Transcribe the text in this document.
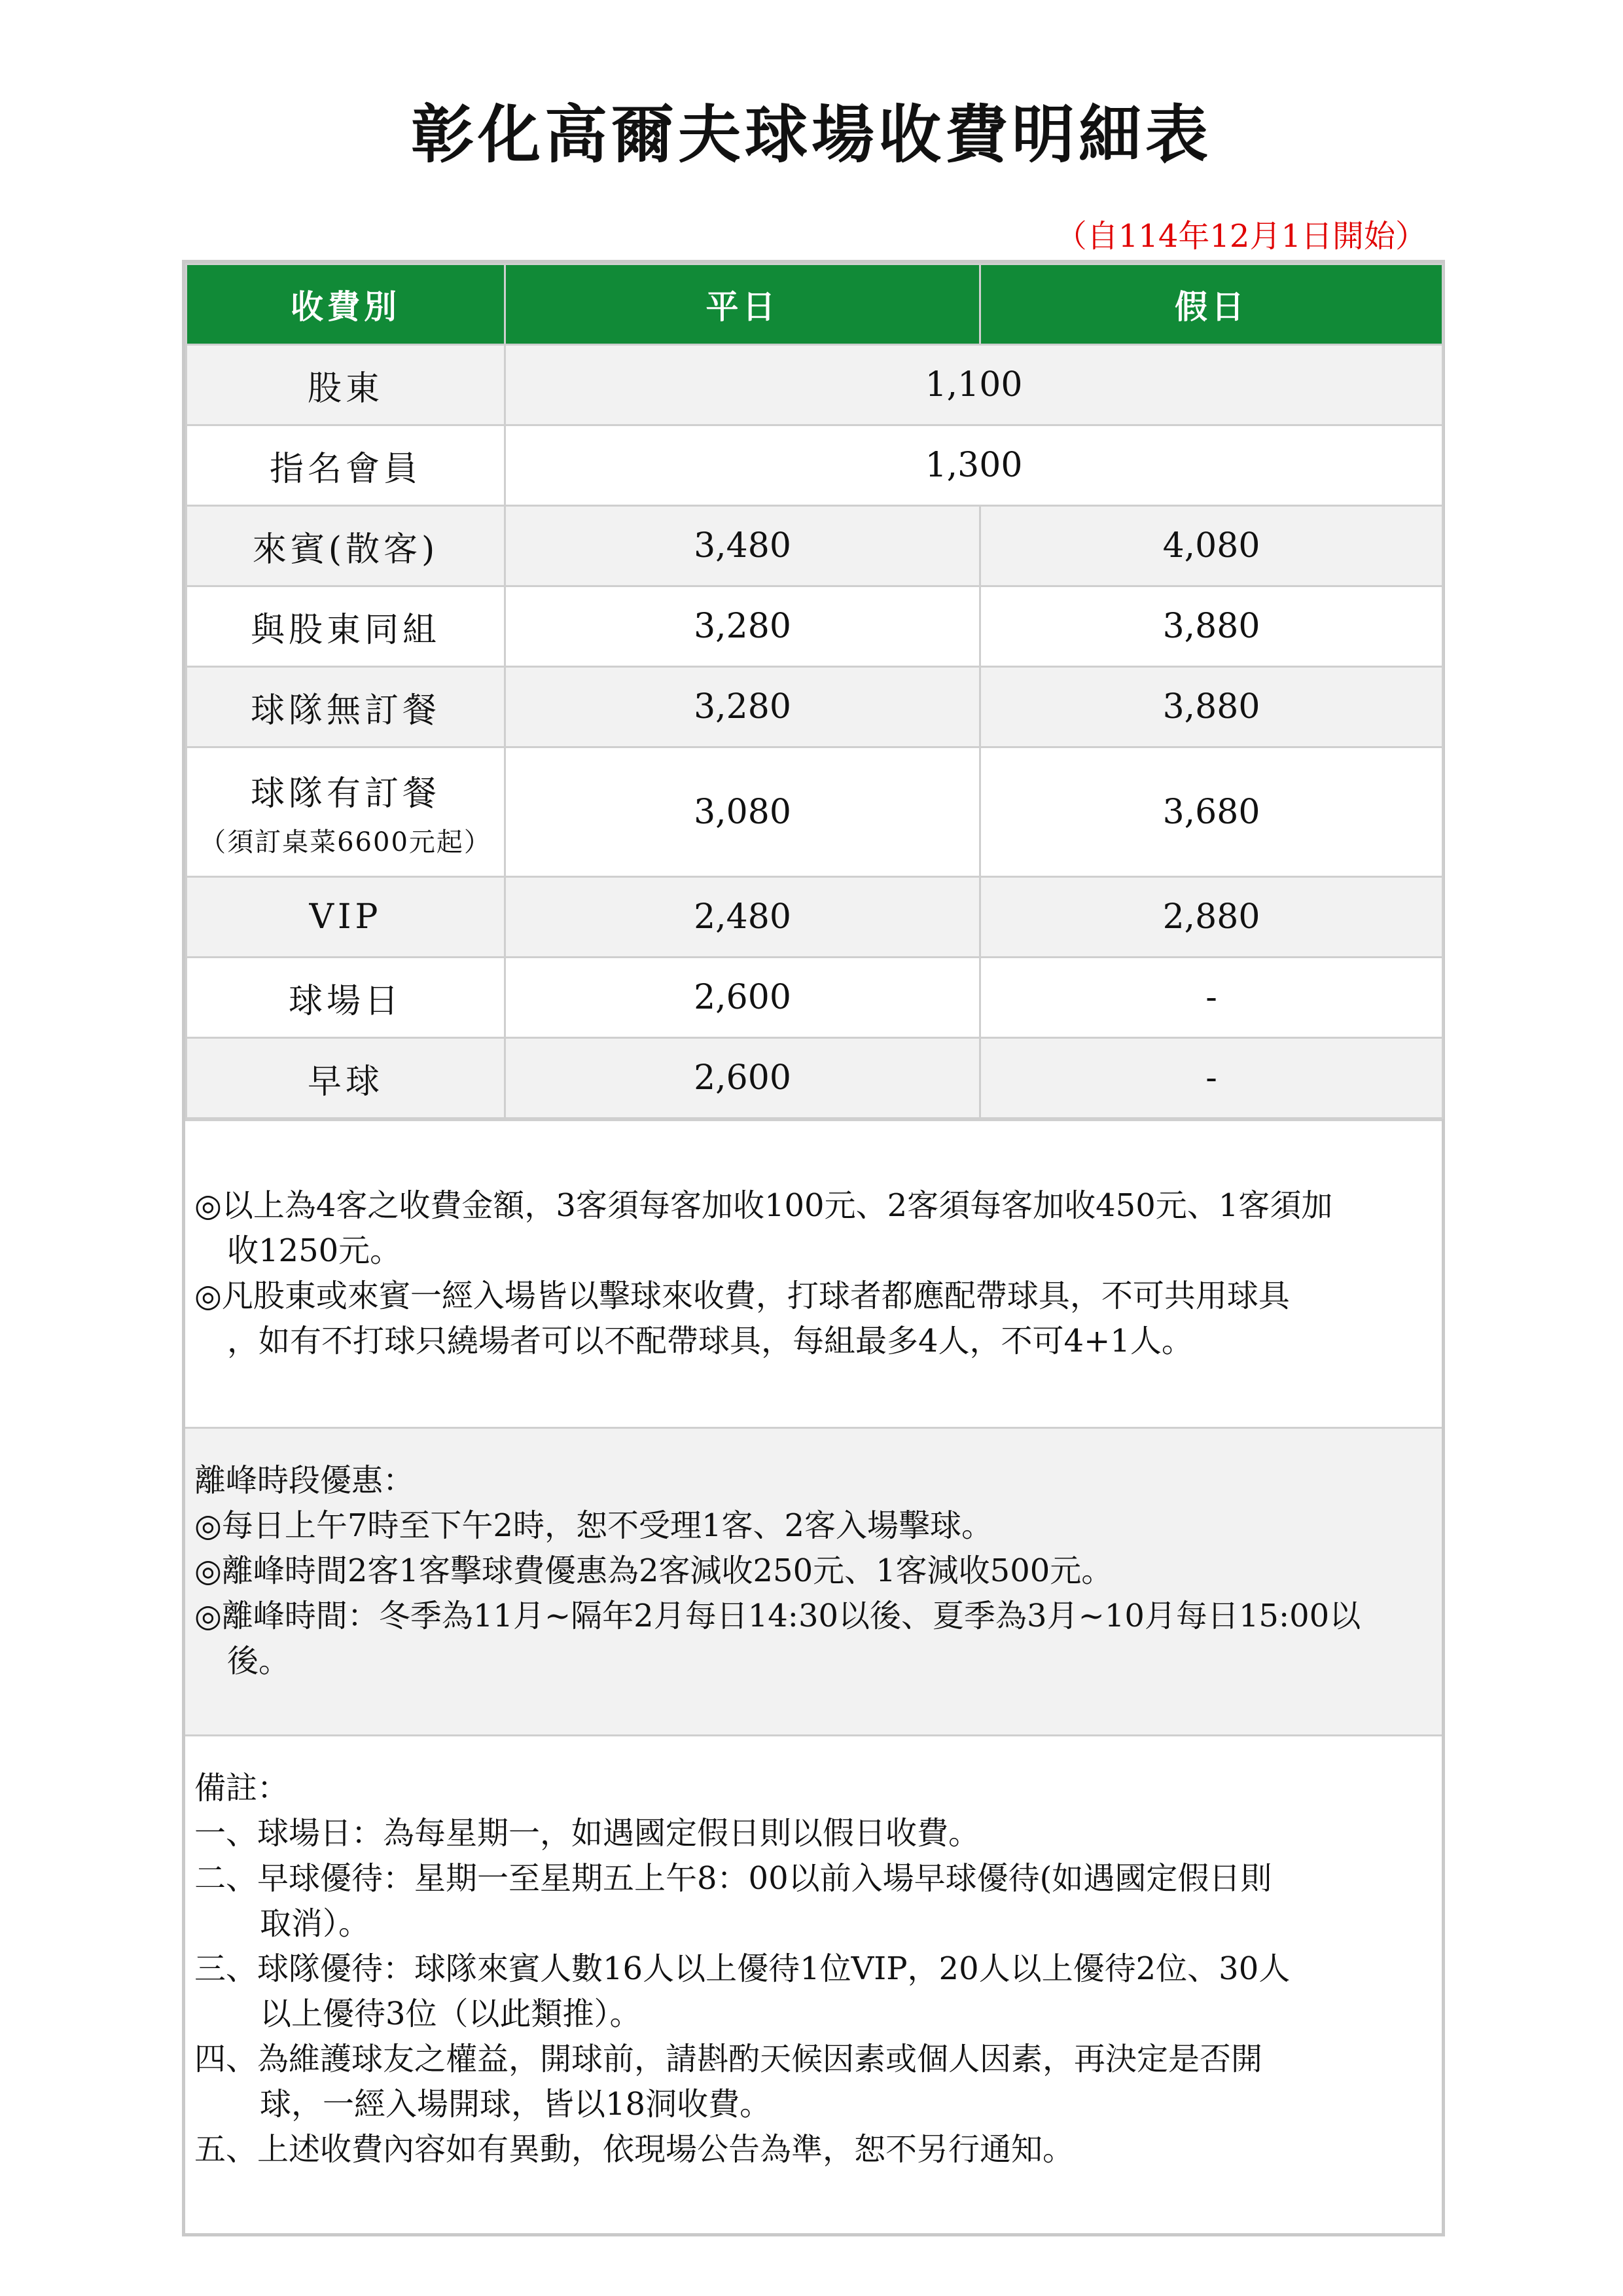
彰化高爾夫球場收費明細表
（自114年12月1日開始）
收費別	平日	假日
股東	1,100	
指名會員	1,300	
來賓(散客)	3,480	4,080
與股東同組	3,280	3,880
球隊無訂餐	3,280	3,880
球隊有訂餐
（須訂桌菜6600元起）	3,080	3,680
VIP	2,480	2,880
球場日	2,600	-
早球	2,600	-

◎以上為4客之收費金額，3客須每客加收100元、2客須每客加收450元、1客須加

收1250元。

◎凡股東或來賓一經入場皆以擊球來收費，打球者都應配帶球具，不可共用球具

，如有不打球只繞場者可以不配帶球具，每組最多4人，不可4+1人。

離峰時段優惠：

◎每日上午7時至下午2時，恕不受理1客、2客入場擊球。

◎離峰時間2客1客擊球費優惠為2客減收250元、1客減收500元。

◎離峰時間：冬季為11月~隔年2月每日14:30以後、夏季為3月~10月每日15:00以

後。

備註：

一、球場日：為每星期一，如遇國定假日則以假日收費。

二、早球優待：星期一至星期五上午8：00以前入場早球優待(如遇國定假日則

取消）。

三、球隊優待：球隊來賓人數16人以上優待1位VIP，20人以上優待2位、30人

以上優待3位（以此類推）。

四、為維護球友之權益，開球前，請斟酌天候因素或個人因素，再決定是否開

球，一經入場開球，皆以18洞收費。

五、上述收費內容如有異動，依現場公告為準，恕不另行通知。
